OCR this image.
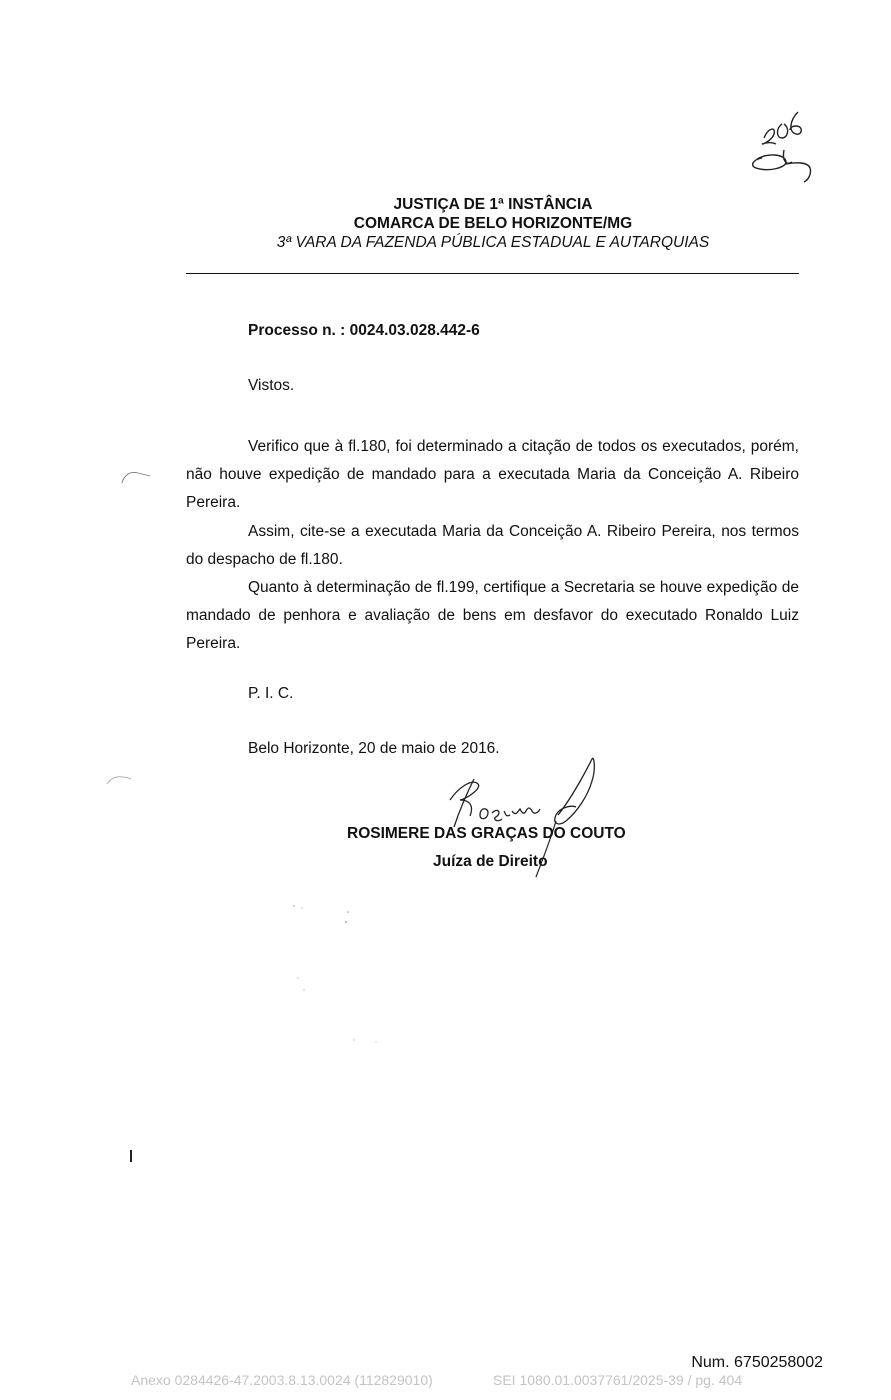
JUSTIÇA DE 1ª INSTÂNCIA
COMARCA DE BELO HORIZONTE/MG
3ª VARA DA FAZENDA PÚBLICA ESTADUAL E AUTARQUIAS
Processo n. : 0024.03.028.442-6
Vistos.

Verifico que à fl.180, foi determinado a citação de todos os executados, porém, não houve expedição de mandado para a executada Maria da Conceição A. Ribeiro Pereira.

Assim, cite-se a executada Maria da Conceição A. Ribeiro Pereira, nos termos do despacho de fl.180.

Quanto à determinação de fl.199, certifique a Secretaria se houve expedição de mandado de penhora e avaliação de bens em desfavor do executado Ronaldo Luiz Pereira.

P. I. C.
Belo Horizonte, 20 de maio de 2016.
ROSIMERE DAS GRAÇAS DO COUTO
Juíza de Direito
Num. 6750258002
Anexo 0284426-47.2003.8.13.0024 (112829010)	SEI 1080.01.0037761/2025-39 / pg. 404
